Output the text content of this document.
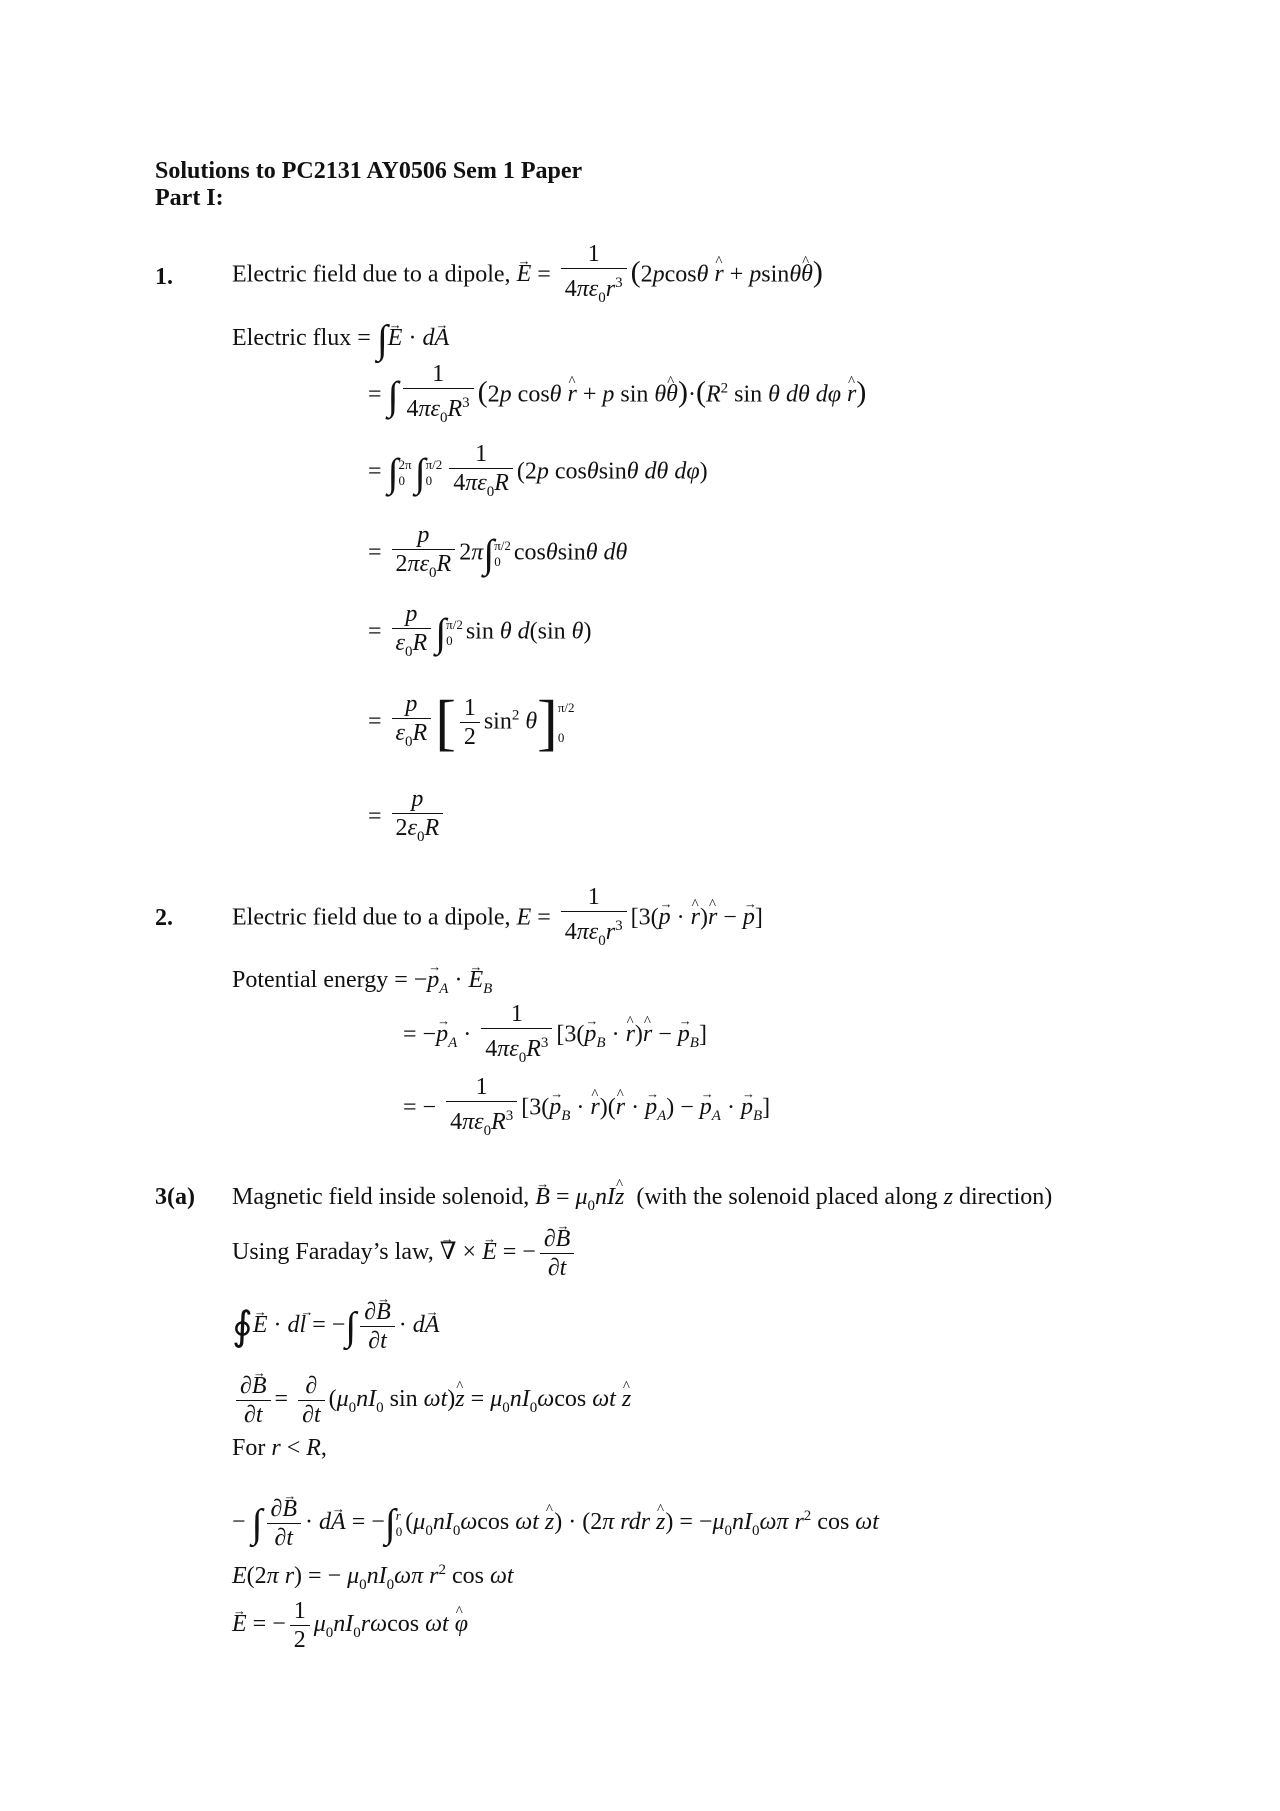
Solutions to PC2131 AY0506 Sem 1 Paper
Part I:
1. Electric field due to a dipole, → $E = \frac{1}{4\pi\varepsilon_0r^3} (2pcos\theta$ ^ r + psinθ^ θ)
Electric flux = ∫→ E · d→ A
= ∫ $\frac{1}{4\pi\varepsilon_0R^3} (2p$ cosθ ^ r + p sin θ^ $\theta)\cdot(R^2$ sin θ dθ dφ ^ r)
= ∫ 2π
0 ∫ π/2
$0 \frac{1}{4\pi\varepsilon_0R} (2p$ cosθsinθ dθ dφ)
= $\frac{p}{2\pi\varepsilon_0R} 2\pi\int$ π/2
0 cosθsinθ dθ
= $\frac{p}{\varepsilon_0R}$ ∫ π/2
0 sin θ d(sin θ)
= $\frac{p}{\varepsilon_0R}$ [ $\frac{1}{2} \sin^2 \theta$] π/2
0
= $\frac{p}{2\varepsilon_0R}$
2. Electric field due to a dipole, $E = \frac{1}{4\pi\varepsilon_0r^3} [3(\to p$ · ^ r)^ r − → p]
Potential energy = −→ $p_A$ · → $E_B$
= −→ $p_A \cdot \frac{1}{4\pi\varepsilon_0R^3} [3(\to p_B$ · ^ r)^ r − → $p_B$]
= − $\frac{1}{4\pi\varepsilon_0R^3} [3(\to p_B$ · ^ r)(^ r · → $p_A$) − → $p_A$ · → $p_B$]
3(a) Magnetic field inside solenoid, → $B = \mu_0nI\^{}$ z (with the solenoid placed along z direction)
Using Faraday’s law, → ∇ × → E = − $\frac{\partial\to B}{\partial t}$
∮→ E · d→ l = −∫ $\frac{\partial\to B}{\partial t} \cdot d\to A$
$\frac{\partial\to B}{\partial t} = \frac{\partial}{\partial t} (\mu_0nI_0$ sin ωt)^ $z = \mu_0nI_0\omega\cos$ ωt ^ z
For r < R,
− ∫ $\frac{\partial\to B}{\partial t} \cdot d\to A$ = −∫ r
0 ($\mu_0nI_0\omega\cos$ ωt ^ z) · (2π rdr ^ $z) = -\mu_0nI_0\omega\pi$ $r^2$ cos ωt
E(2π r) = − $\mu_0nI_0\omega\pi$ $r^2$ cos ωt
→ E = − $\frac{1}{2} \mu_0nI_0r\omega\cos$ ωt ^ φ
